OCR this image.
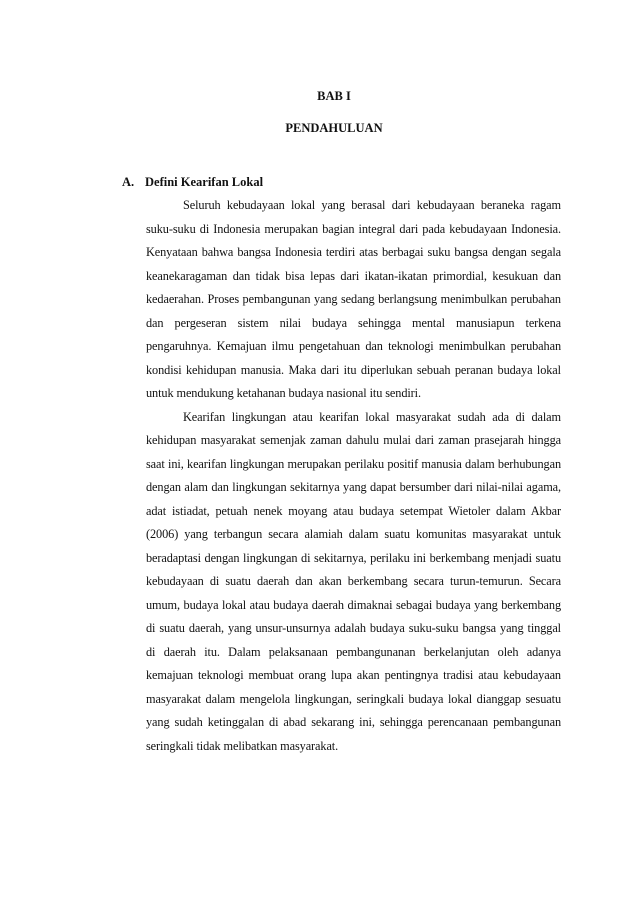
BAB I
PENDAHULUAN
A. Defini Kearifan Lokal

Seluruh kebudayaan lokal yang berasal dari kebudayaan beraneka ragam suku-suku di Indonesia merupakan bagian integral dari pada kebudayaan Indonesia. Kenyataan bahwa bangsa Indonesia terdiri atas berbagai suku bangsa dengan segala keanekaragaman dan tidak bisa lepas dari ikatan-ikatan primordial, kesukuan dan kedaerahan. Proses pembangunan yang sedang berlangsung menimbulkan perubahan dan pergeseran sistem nilai budaya sehingga mental manusiapun terkena pengaruhnya. Kemajuan ilmu pengetahuan dan teknologi menimbulkan perubahan kondisi kehidupan manusia. Maka dari itu diperlukan sebuah peranan budaya lokal untuk mendukung ketahanan budaya nasional itu sendiri.

Kearifan lingkungan atau kearifan lokal masyarakat sudah ada di dalam kehidupan masyarakat semenjak zaman dahulu mulai dari zaman prasejarah hingga saat ini, kearifan lingkungan merupakan perilaku positif manusia dalam berhubungan dengan alam dan lingkungan sekitarnya yang dapat bersumber dari nilai-nilai agama, adat istiadat, petuah nenek moyang atau budaya setempat Wietoler dalam Akbar (2006) yang terbangun secara alamiah dalam suatu komunitas masyarakat untuk beradaptasi dengan lingkungan di sekitarnya, perilaku ini berkembang menjadi suatu kebudayaan di suatu daerah dan akan berkembang secara turun-temurun. Secara umum, budaya lokal atau budaya daerah dimaknai sebagai budaya yang berkembang di suatu daerah, yang unsur-unsurnya adalah budaya suku-suku bangsa yang tinggal di daerah itu. Dalam pelaksanaan pembangunanan berkelanjutan oleh adanya kemajuan teknologi membuat orang lupa akan pentingnya tradisi atau kebudayaan masyarakat dalam mengelola lingkungan, seringkali budaya lokal dianggap sesuatu yang sudah ketinggalan di abad sekarang ini, sehingga perencanaan pembangunan seringkali tidak melibatkan masyarakat.
